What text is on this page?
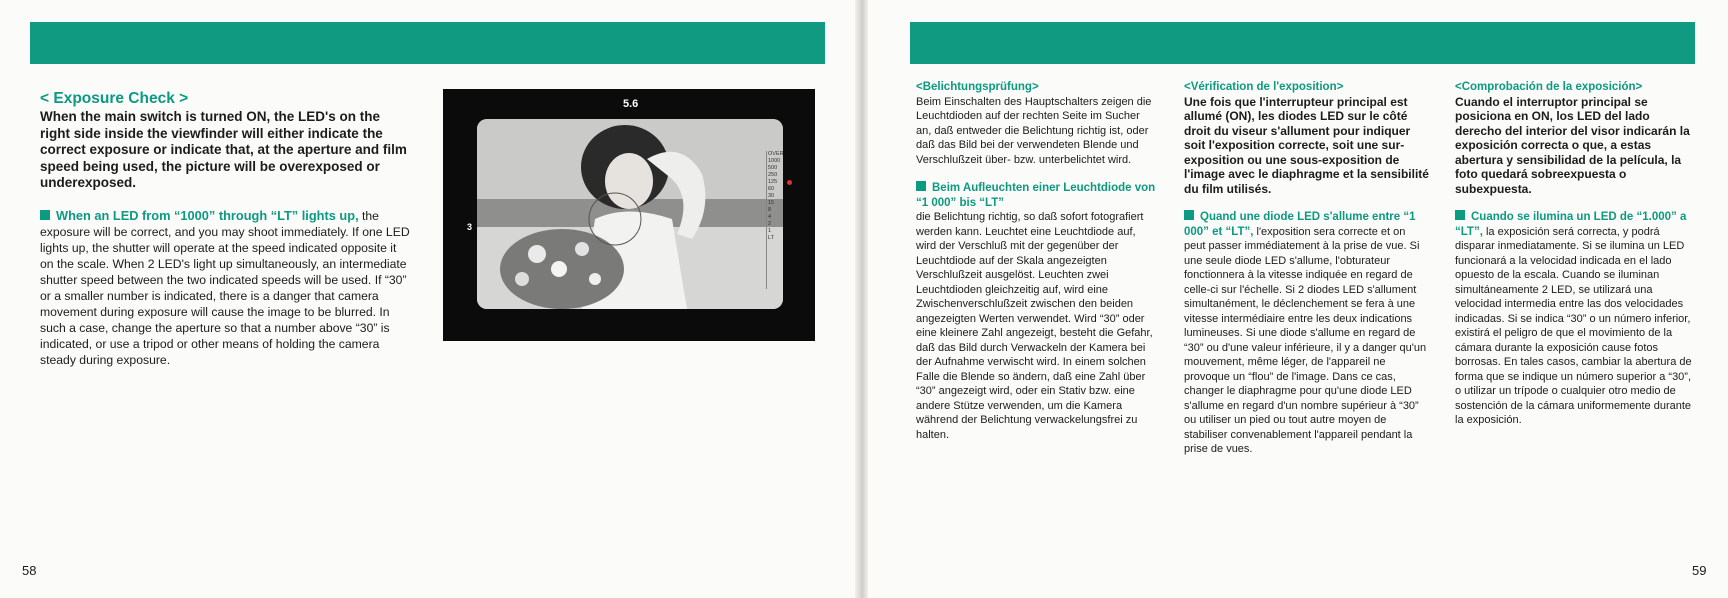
< Exposure Check >
When the main switch is turned ON, the LED's on the right side inside the viewfinder will either indicate the correct exposure or indicate that, at the aperture and film speed being used, the picture will be overexposed or underexposed.
When an LED from “1000” through “LT” lights up, the exposure will be correct, and you may shoot immediately. If one LED lights up, the shutter will operate at the speed indicated opposite it on the scale. When 2 LED's light up simultaneously, an intermediate shutter speed between the two indicated speeds will be used. If “30” or a smaller number is indicated, there is a danger that camera movement during exposure will cause the image to be blurred. In such a case, change the aperture so that a number above “30” is indicated, or use a tripod or other means of holding the camera steady during exposure.
5.6
3
OVER
1000
500
250
125
60
30
15
8
4
2
1
LT
58
<Belichtungsprüfung>
Beim Einschalten des Hauptschalters zeigen die Leuchtdioden auf der rechten Seite im Sucher an, daß entweder die Belichtung richtig ist, oder daß das Bild bei der verwendeten Blende und Verschlußzeit über- bzw. unterbelichtet wird.
Beim Aufleuchten einer Leuchtdiode von “1 000” bis “LT”
die Belichtung richtig, so daß sofort fotografiert werden kann. Leuchtet eine Leuchtdiode auf, wird der Verschluß mit der gegenüber der Leuchtdiode auf der Skala angezeigten Verschlußzeit ausgelöst. Leuchten zwei Leuchtdioden gleichzeitig auf, wird eine Zwischenverschlußzeit zwischen den beiden angezeigten Werten verwendet. Wird “30” oder eine kleinere Zahl angezeigt, besteht die Gefahr, daß das Bild durch Verwackeln der Kamera bei der Aufnahme verwischt wird. In einem solchen Falle die Blende so ändern, daß eine Zahl über “30” angezeigt wird, oder ein Stativ bzw. eine andere Stütze verwenden, um die Kamera während der Belichtung verwackelungsfrei zu halten.
<Vérification de l'exposition>
Une fois que l'interrupteur principal est allumé (ON), les diodes LED sur le côté droit du viseur s'allument pour indiquer soit l'exposition correcte, soit une sur-exposition ou une sous-exposition de l'image avec le diaphragme et la sensibilité du film utilisés.
Quand une diode LED s'allume entre “1 000” et “LT”, l'exposition sera correcte et on peut passer immédiatement à la prise de vue. Si une seule diode LED s'allume, l'obturateur fonctionnera à la vitesse indiquée en regard de celle-ci sur l'échelle. Si 2 diodes LED s'allument simultanément, le déclenchement se fera à une vitesse intermédiaire entre les deux indications lumineuses. Si une diode s'allume en regard de “30” ou d'une valeur inférieure, il y a danger qu'un mouvement, même léger, de l'appareil ne provoque un “flou” de l'image. Dans ce cas, changer le diaphragme pour qu'une diode LED s'allume en regard d'un nombre supérieur à “30” ou utiliser un pied ou tout autre moyen de stabiliser convenablement l'appareil pendant la prise de vues.
<Comprobación de la exposición>
Cuando el interruptor principal se posiciona en ON, los LED del lado derecho del interior del visor indicarán la exposición correcta o que, a estas abertura y sensibilidad de la película, la foto quedará sobreexpuesta o subexpuesta.
Cuando se ilumina un LED de “1.000” a “LT”, la exposición será correcta, y podrá disparar inmediatamente. Si se ilumina un LED funcionará a la velocidad indicada en el lado opuesto de la escala. Cuando se iluminan simultáneamente 2 LED, se utilizará una velocidad intermedia entre las dos velocidades indicadas. Si se indica “30” o un número inferior, existirá el peligro de que el movimiento de la cámara durante la exposición cause fotos borrosas. En tales casos, cambiar la abertura de forma que se indique un número superior a “30”, o utilizar un trípode o cualquier otro medio de sostención de la cámara uniformemente durante la exposición.
59
